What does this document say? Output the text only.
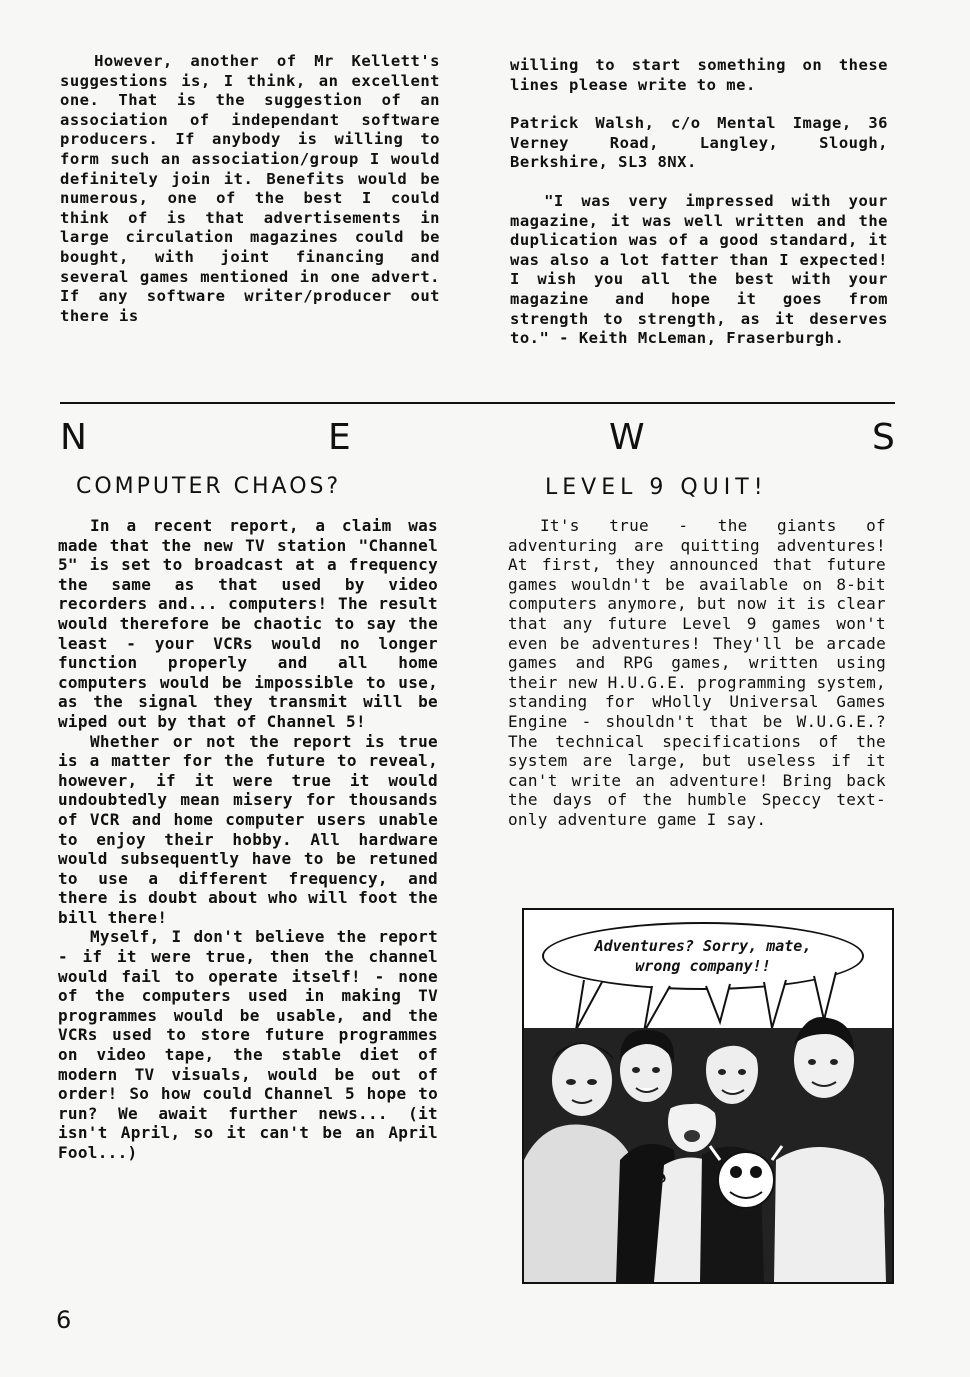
However, another of Mr Kellett's suggestions is, I think, an excellent one. That is the suggestion of an association of independant software producers. If anybody is willing to form such an association/group I would definitely join it. Benefits would be numerous, one of the best I could think of is that advertisements in large circulation magazines could be bought, with joint financing and several games mentioned in one advert. If any software writer/producer out there is

willing to start something on these lines please write to me.

Patrick Walsh, c/o Mental Image, 36 Verney Road, Langley, Slough, Berkshire, SL3 8NX.

"I was very impressed with your magazine, it was well written and the duplication was of a good standard, it was also a lot fatter than I expected! I wish you all the best with your magazine and hope it goes from strength to strength, as it deserves to." - Keith McLeman, Fraserburgh.

N	E	W	S
COMPUTER CHAOS?	LEVEL 9 QUIT!

In a recent report, a claim was made that the new TV station "Channel 5" is set to broadcast at a frequency the same as that used by video recorders and... computers! The result would therefore be chaotic to say the least - your VCRs would no longer function properly and all home computers would be impossible to use, as the signal they transmit will be wiped out by that of Channel 5!

Whether or not the report is true is a matter for the future to reveal, however, if it were true it would undoubtedly mean misery for thousands of VCR and home computer users unable to enjoy their hobby. All hardware would subsequently have to be retuned to use a different frequency, and there is doubt about who will foot the bill there!

Myself, I don't believe the report - if it were true, then the channel would fail to operate itself! - none of the computers used in making TV programmes would be usable, and the VCRs used to store future programmes on video tape, the stable diet of modern TV visuals, would be out of order! So how could Channel 5 hope to run? We await further news... (it isn't April, so it can't be an April Fool...)

It's true - the giants of adventuring are quitting adventures! At first, they announced that future games wouldn't be available on 8-bit computers anymore, but now it is clear that any future Level 9 games won't even be adventures! They'll be arcade games and RPG games, written using their new H.U.G.E. programming system, standing for wHolly Universal Games Engine - shouldn't that be W.U.G.E.? The technical specifications of the system are large, but useless if it can't write an adventure! Bring back the days of the humble Speccy text-only adventure game I say.

Adventures? Sorry, mate,
wrong company!!
VEL9
6
